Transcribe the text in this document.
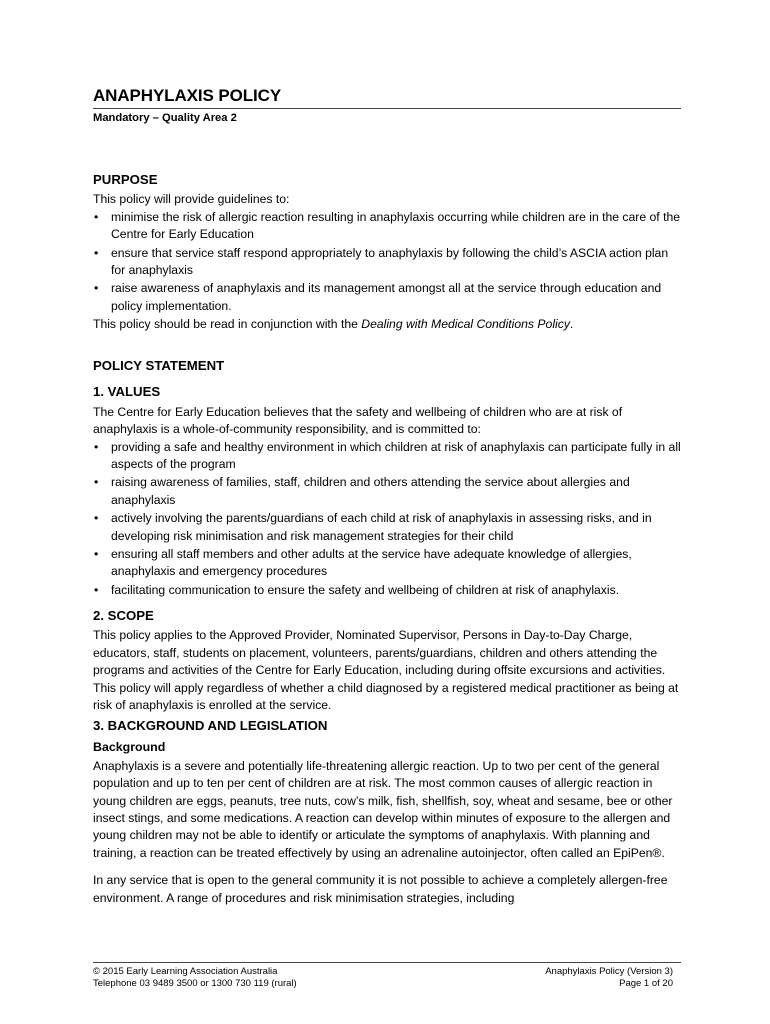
ANAPHYLAXIS POLICY
Mandatory – Quality Area 2
PURPOSE

This policy will provide guidelines to:

• minimise the risk of allergic reaction resulting in anaphylaxis occurring while children are in the care of the Centre for Early Education
• ensure that service staff respond appropriately to anaphylaxis by following the child’s ASCIA action plan for anaphylaxis
• raise awareness of anaphylaxis and its management amongst all at the service through education and policy implementation.

This policy should be read in conjunction with the Dealing with Medical Conditions Policy.

POLICY STATEMENT
1. VALUES

The Centre for Early Education believes that the safety and wellbeing of children who are at risk of anaphylaxis is a whole-of-community responsibility, and is committed to:

• providing a safe and healthy environment in which children at risk of anaphylaxis can participate fully in all aspects of the program
• raising awareness of families, staff, children and others attending the service about allergies and anaphylaxis
• actively involving the parents/guardians of each child at risk of anaphylaxis in assessing risks, and in developing risk minimisation and risk management strategies for their child
• ensuring all staff members and other adults at the service have adequate knowledge of allergies, anaphylaxis and emergency procedures
• facilitating communication to ensure the safety and wellbeing of children at risk of anaphylaxis.
2. SCOPE

This policy applies to the Approved Provider, Nominated Supervisor, Persons in Day-to-Day Charge, educators, staff, students on placement, volunteers, parents/guardians, children and others attending the programs and activities of the Centre for Early Education, including during offsite excursions and activities. This policy will apply regardless of whether a child diagnosed by a registered medical practitioner as being at risk of anaphylaxis is enrolled at the service.

3. BACKGROUND AND LEGISLATION
Background

Anaphylaxis is a severe and potentially life-threatening allergic reaction. Up to two per cent of the general population and up to ten per cent of children are at risk. The most common causes of allergic reaction in young children are eggs, peanuts, tree nuts, cow’s milk, fish, shellfish, soy, wheat and sesame, bee or other insect stings, and some medications. A reaction can develop within minutes of exposure to the allergen and young children may not be able to identify or articulate the symptoms of anaphylaxis. With planning and training, a reaction can be treated effectively by using an adrenaline autoinjector, often called an EpiPen®.

In any service that is open to the general community it is not possible to achieve a completely allergen-free environment. A range of procedures and risk minimisation strategies, including

© 2015 Early Learning Association Australia
Telephone 03 9489 3500 or 1300 730 119 (rural)
Anaphylaxis Policy (Version 3)
Page 1 of 20
